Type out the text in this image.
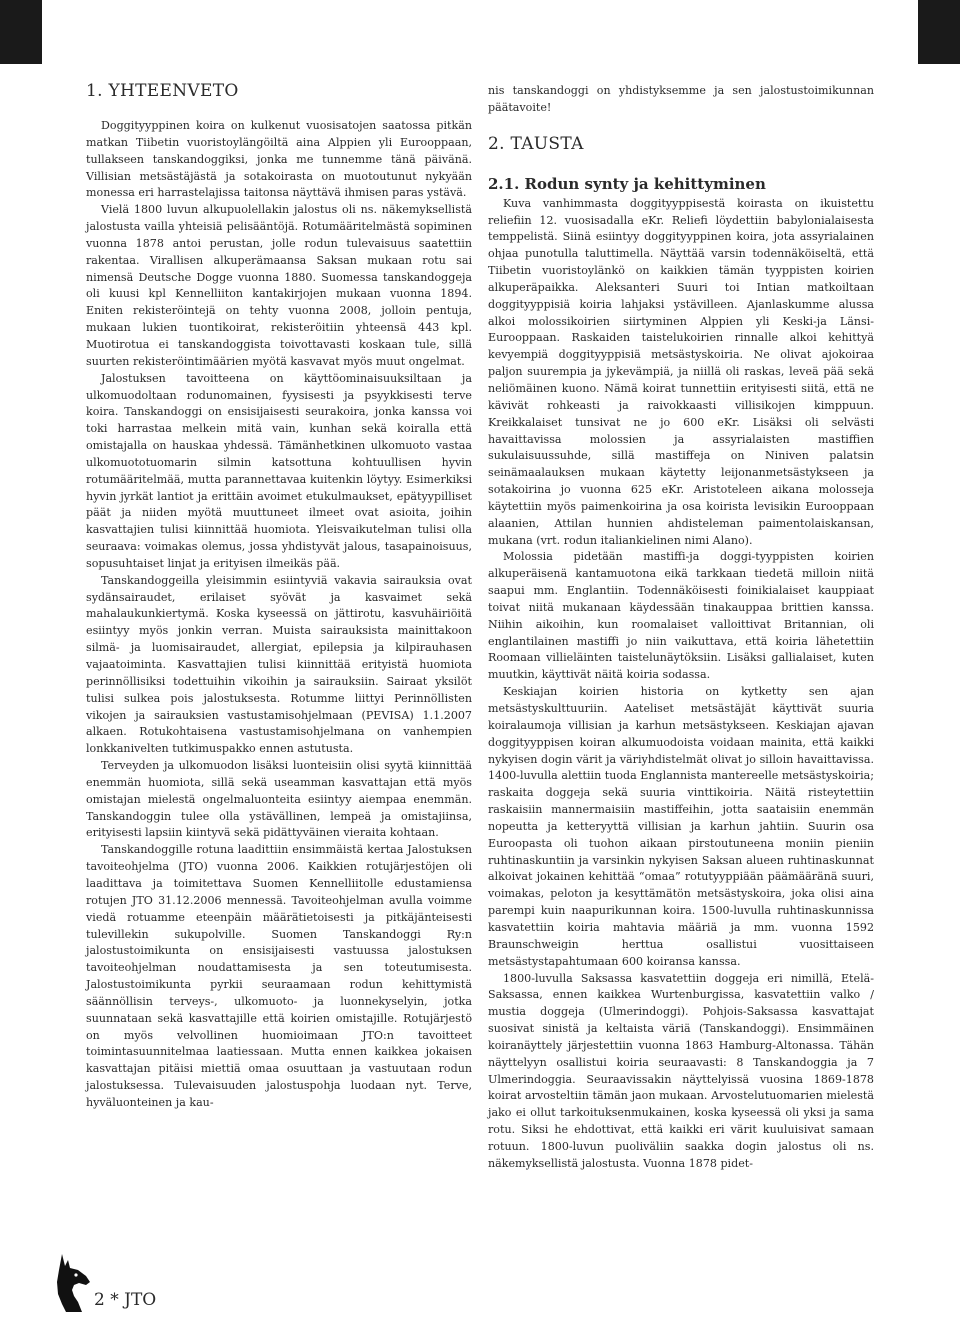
1. YHTEENVETO

Doggityyppinen koira on kulkenut vuosisatojen saatossa pitkän matkan Tiibetin vuoristoylängöiltä aina Alppien yli Eurooppaan, tullakseen tanskandoggiksi, jonka me tunnemme tänä päivänä. Villisian metsästäjästä ja sotakoirasta on muotoutunut nykyään monessa eri harrastelajissa taitonsa näyttävä ihmisen paras ystävä.

Vielä 1800 luvun alkupuolellakin jalostus oli ns. näkemyksellistä jalostusta vailla yhteisiä pelisääntöjä. Rotumääritelmästä sopiminen vuonna 1878 antoi perustan, jolle rodun tulevaisuus saatettiin rakentaa. Virallisen alkuperämaansa Saksan mukaan rotu sai nimensä Deutsche Dogge vuonna 1880. Suomessa tanskandoggeja oli kuusi kpl Kennelliiton kantakirjojen mukaan vuonna 1894. Eniten rekisteröintejä on tehty vuonna 2008, jolloin pentuja, mukaan lukien tuontikoirat, rekisteröitiin yhteensä 443 kpl. Muotirotua ei tanskandoggista toivottavasti koskaan tule, sillä suurten rekisteröintimäärien myötä kasvavat myös muut ongelmat.

Jalostuksen tavoitteena on käyttöominaisuuksiltaan ja ulkomuodoltaan rodunomainen, fyysisesti ja psyykkisesti terve koira. Tanskandoggi on ensisijaisesti seurakoira, jonka kanssa voi toki harrastaa melkein mitä vain, kunhan sekä koiralla että omistajalla on hauskaa yhdessä. Tämänhetkinen ulkomuoto vastaa ulkomuototuomarin silmin katsottuna kohtuullisen hyvin rotumääritelmää, mutta parannettavaa kuitenkin löytyy. Esimerkiksi hyvin jyrkät lantiot ja erittäin avoimet etukulmaukset, epätyypilliset päät ja niiden myötä muuttuneet ilmeet ovat asioita, joihin kasvattajien tulisi kiinnittää huomiota. Yleisvaikutelman tulisi olla seuraava: voimakas olemus, jossa yhdistyvät jalous, tasapainoisuus, sopusuhtaiset linjat ja erityisen ilmeikäs pää.

Tanskandoggeilla yleisimmin esiintyviä vakavia sairauksia ovat sydänsairaudet, erilaiset syövät ja kasvaimet sekä mahalaukunkiertymä. Koska kyseessä on jättirotu, kasvuhäiriöitä esiintyy myös jonkin verran. Muista sairauksista mainittakoon silmä- ja luomisairaudet, allergiat, epilepsia ja kilpirauhasen vajaatoiminta. Kasvattajien tulisi kiinnittää erityistä huomiota perinnöllisiksi todettuihin vikoihin ja sairauksiin. Sairaat yksilöt tulisi sulkea pois jalostuksesta. Rotumme liittyi Perinnöllisten vikojen ja sairauksien vastustamisohjelmaan (PEVISA) 1.1.2007 alkaen. Rotukohtaisena vastustamisohjelmana on vanhempien lonkkanivelten tutkimuspakko ennen astutusta.

Terveyden ja ulkomuodon lisäksi luonteisiin olisi syytä kiinnittää enemmän huomiota, sillä sekä useamman kasvattajan että myös omistajan mielestä ongelmaluonteita esiintyy aiempaa enemmän. Tanskandoggin tulee olla ystävällinen, lempeä ja omistajiinsa, erityisesti lapsiin kiintyvä sekä pidättyväinen vieraita kohtaan.

Tanskandoggille rotuna laadittiin ensimmäistä kertaa Jalostuksen tavoiteohjelma (JTO) vuonna 2006. Kaikkien rotujärjestöjen oli laadittava ja toimitettava Suomen Kennelliitolle edustamiensa rotujen JTO 31.12.2006 mennessä. Tavoiteohjelman avulla voimme viedä rotuamme eteenpäin määrätietoisesti ja pitkäjänteisesti tulevillekin sukupolville. Suomen Tanskandoggi Ry:n jalostustoimikunta on ensisijaisesti vastuussa jalostuksen tavoiteohjelman noudattamisesta ja sen toteutumisesta. Jalostustoimikunta pyrkii seuraamaan rodun kehittymistä säännöllisin terveys-, ulkomuoto- ja luonnekyselyin, jotka suunnataan sekä kasvattajille että koirien omistajille. Rotujärjestö on myös velvollinen huomioimaan JTO:n tavoitteet toimintasuunnitelmaa laatiessaan. Mutta ennen kaikkea jokaisen kasvattajan pitäisi miettiä omaa osuuttaan ja vastuutaan rodun jalostuksessa. Tulevaisuuden jalostuspohja luodaan nyt. Terve, hyväluonteinen ja kau-

nis tanskandoggi on yhdistyksemme ja sen jalostustoimikunnan päätavoite!

2. TAUSTA
2.1. Rodun synty ja kehittyminen

Kuva vanhimmasta doggityyppisestä koirasta on ikuistettu reliefiin 12. vuosisadalla eKr. Reliefi löydettiin babylonialaisesta temppelistä. Siinä esiintyy doggityyppinen koira, jota assyrialainen ohjaa punotulla taluttimella. Näyttää varsin todennäköiseltä, että Tiibetin vuoristoylänkö on kaikkien tämän tyyppisten koirien alkuperäpaikka. Aleksanteri Suuri toi Intian matkoiltaan doggityyppisiä koiria lahjaksi ystävilleen. Ajanlaskumme alussa alkoi molossikoirien siirtyminen Alppien yli Keski-ja Länsi-Eurooppaan. Raskaiden taistelukoirien rinnalle alkoi kehittyä kevyempiä doggityyppisiä metsästyskoiria. Ne olivat ajokoiraa paljon suurempia ja jykevämpiä, ja niillä oli raskas, leveä pää sekä neliömäinen kuono. Nämä koirat tunnettiin erityisesti siitä, että ne kävivät rohkeasti ja raivokkaasti villisikojen kimppuun. Kreikkalaiset tunsivat ne jo 600 eKr. Lisäksi oli selvästi havaittavissa molossien ja assyrialaisten mastiffien sukulaisuussuhde, sillä mastiffeja on Niniven palatsin seinämaalauksen mukaan käytetty leijonanmetsästykseen ja sotakoirina jo vuonna 625 eKr. Aristoteleen aikana molosseja käytettiin myös paimenkoirina ja osa koirista levisikin Eurooppaan alaanien, Attilan hunnien ahdisteleman paimentolaiskansan, mukana (vrt. rodun italiankielinen nimi Alano).

Molossia pidetään mastiffi-ja doggi-tyyppisten koirien alkuperäisenä kantamuotona eikä tarkkaan tiedetä milloin niitä saapui mm. Englantiin. Todennäköisesti foinikialaiset kauppiaat toivat niitä mukanaan käydessään tinakauppaa brittien kanssa. Niihin aikoihin, kun roomalaiset valloittivat Britannian, oli englantilainen mastiffi jo niin vaikuttava, että koiria lähetettiin Roomaan villieläinten taistelunäytöksiin. Lisäksi gallialaiset, kuten muutkin, käyttivät näitä koiria sodassa.

Keskiajan koirien historia on kytketty sen ajan metsästyskulttuuriin. Aateliset metsästäjät käyttivät suuria koiralaumoja villisian ja karhun metsästykseen. Keskiajan ajavan doggityyppisen koiran alkumuodoista voidaan mainita, että kaikki nykyisen dogin värit ja väriyhdistelmät olivat jo silloin havaittavissa. 1400-luvulla alettiin tuoda Englannista mantereelle metsästyskoiria; raskaita doggeja sekä suuria vinttikoiria. Näitä risteytettiin raskaisiin mannermaisiin mastiffeihin, jotta saataisiin enemmän nopeutta ja ketteryyttä villisian ja karhun jahtiin. Suurin osa Euroopasta oli tuohon aikaan pirstoutuneena moniin pieniin ruhtinaskuntiin ja varsinkin nykyisen Saksan alueen ruhtinaskunnat alkoivat jokainen kehittää “omaa” rotutyyppiään päämääränä suuri, voimakas, peloton ja kesyttämätön metsästyskoira, joka olisi aina parempi kuin naapurikunnan koira. 1500-luvulla ruhtinaskunnissa kasvatettiin koiria mahtavia määriä ja mm. vuonna 1592 Braunschweigin herttua osallistui vuosittaiseen metsästystapahtumaan 600 koiransa kanssa.

1800-luvulla Saksassa kasvatettiin doggeja eri nimillä, Etelä-Saksassa, ennen kaikkea Wurtenburgissa, kasvatettiin valko / mustia doggeja (Ulmerindoggi). Pohjois-Saksassa kasvattajat suosivat sinistä ja keltaista väriä (Tanskandoggi). Ensimmäinen koiranäyttely järjestettiin vuonna 1863 Hamburg-Altonassa. Tähän näyttelyyn osallistui koiria seuraavasti: 8 Tanskandoggia ja 7 Ulmerindoggia. Seuraavissakin näyttelyissä vuosina 1869-1878 koirat arvosteltiin tämän jaon mukaan. Arvostelutuomarien mielestä jako ei ollut tarkoituksenmukainen, koska kyseessä oli yksi ja sama rotu. Siksi he ehdottivat, että kaikki eri värit kuuluisivat samaan rotuun. 1800-luvun puoliväliin saakka dogin jalostus oli ns. näkemyksellistä jalostusta. Vuonna 1878 pidet-

2 * JTO
